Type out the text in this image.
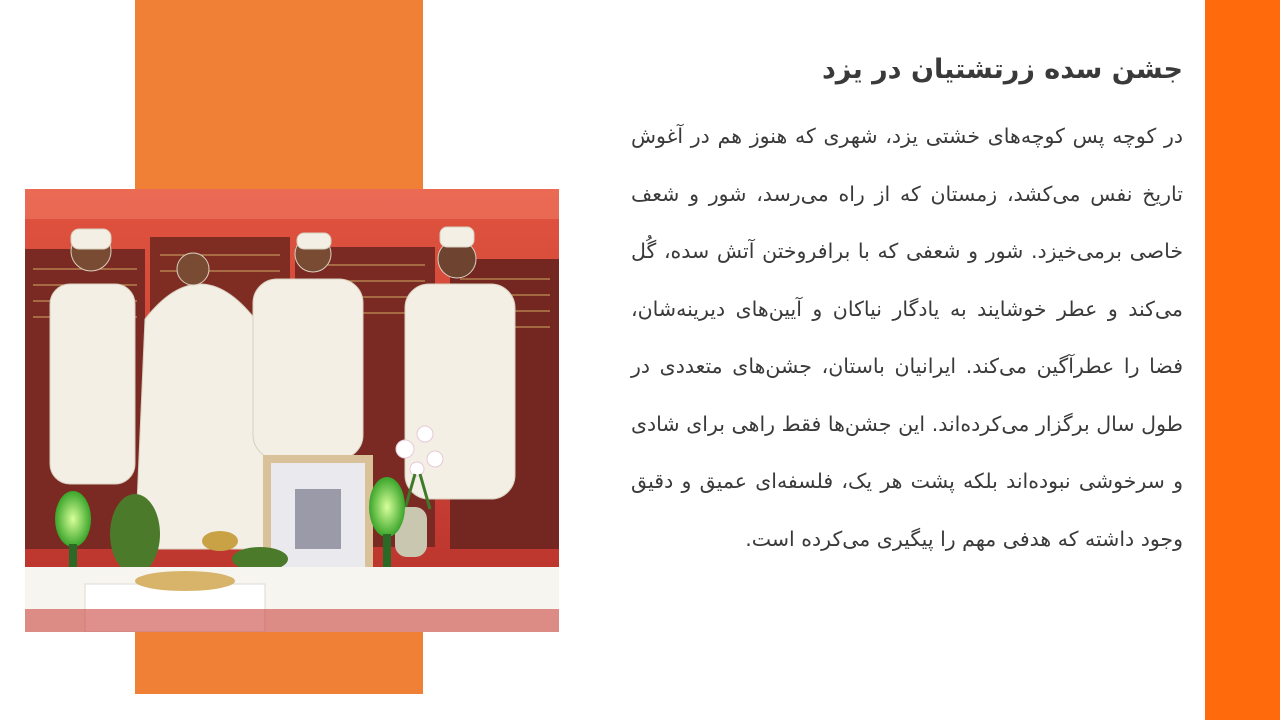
جشن سده زرتشتیان در یزد

در کوچه پس کوچه‌های خشتی یزد، شهری که هنوز هم در آغوش تاریخ نفس می‌کشد، زمستان که از راه می‌رسد، شور و شعف خاصی برمی‌خیزد. شور و شعفی که با برافروختن آتش سده، گُل می‌کند و عطر خوشایند به یادگار نیاکان و آیین‌های دیرینه‌شان، فضا را عطرآگین می‌کند. ایرانیان باستان، جشن‌های متعددی در طول سال برگزار می‌کرده‌اند. این جشن‌ها فقط راهی برای شادی و سرخوشی نبوده‌اند بلکه پشت هر یک، فلسفه‌ای عمیق و دقیق وجود داشته که هدفی مهم را پیگیری می‌کرده است.
